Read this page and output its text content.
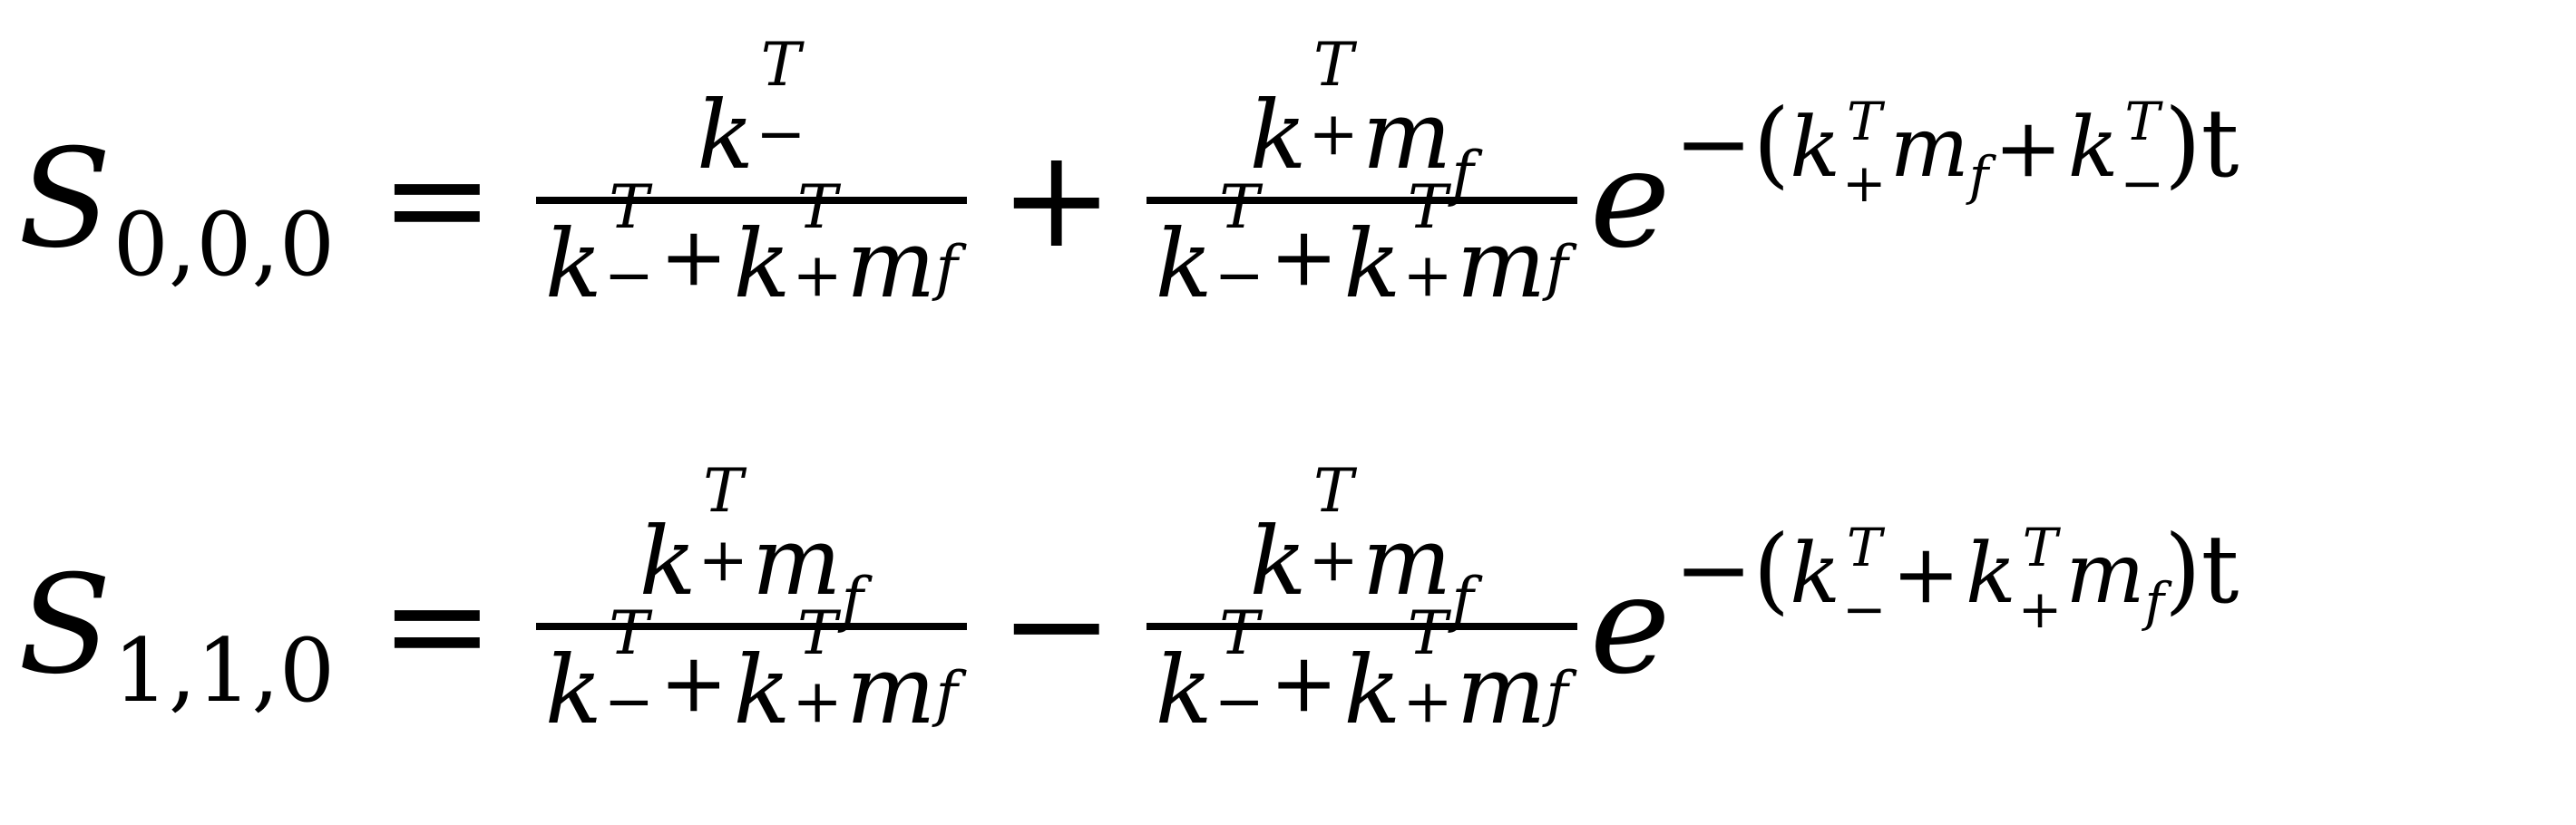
S 0,0,0 = k
T
−
k
T
− + k
T
+ m f + k
T
+ m f
k
T
− + k
T
+ m f e −( k T
+ m f + k T
− )t
S 1,1,0 = k
T
+ m f
k
T
− + k
T
+ m f − k
T
+ m f
k
T
− + k
T
+ m f e −( k T
− + k T
+ m f )t
